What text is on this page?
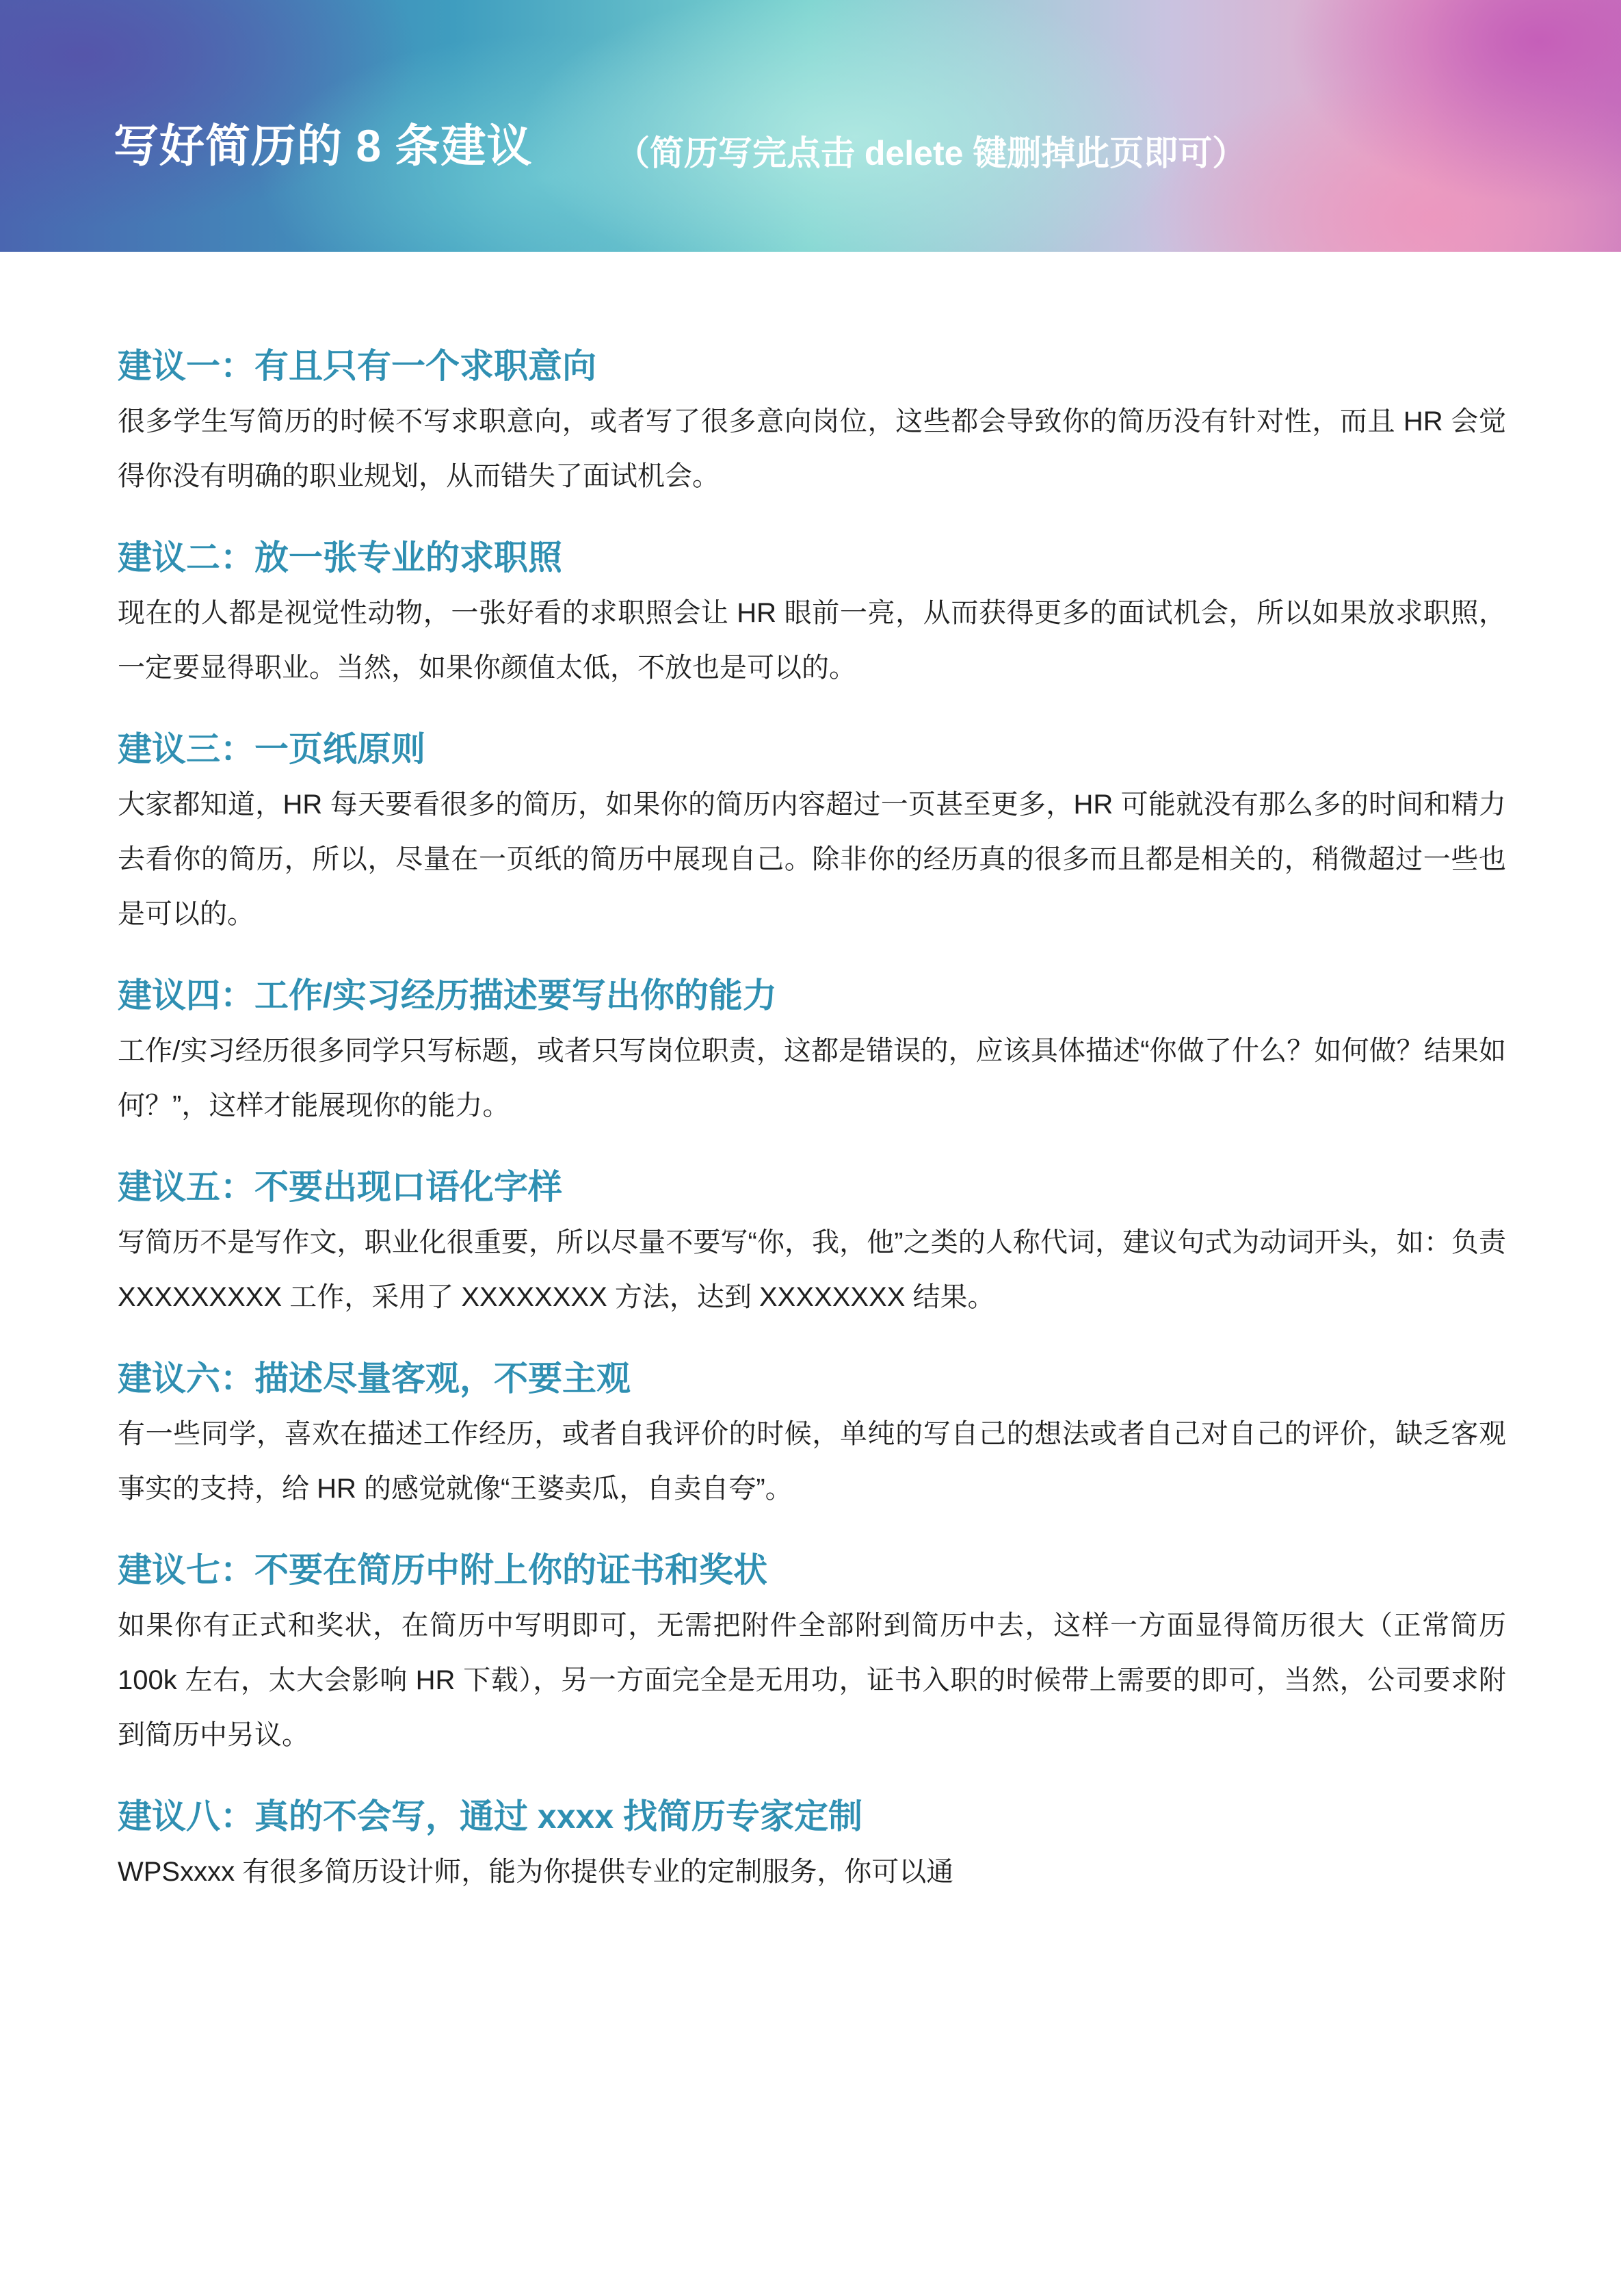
写好简历的 8 条建议 （简历写完点击 delete 键删掉此页即可）
建议一：有且只有一个求职意向

很多学生写简历的时候不写求职意向，或者写了很多意向岗位，这些都会导致你的简历没有针对性，而且 HR 会觉得你没有明确的职业规划，从而错失了面试机会。

建议二：放一张专业的求职照

现在的人都是视觉性动物，一张好看的求职照会让 HR 眼前一亮，从而获得更多的面试机会，所以如果放求职照，一定要显得职业。当然，如果你颜值太低，不放也是可以的。

建议三：一页纸原则

大家都知道，HR 每天要看很多的简历，如果你的简历内容超过一页甚至更多，HR 可能就没有那么多的时间和精力去看你的简历，所以，尽量在一页纸的简历中展现自己。除非你的经历真的很多而且都是相关的，稍微超过一些也是可以的。

建议四：工作/实习经历描述要写出你的能力

工作/实习经历很多同学只写标题，或者只写岗位职责，这都是错误的，应该具体描述“你做了什么？如何做？结果如何？”，这样才能展现你的能力。

建议五：不要出现口语化字样

写简历不是写作文，职业化很重要，所以尽量不要写“你，我，他”之类的人称代词，建议句式为动词开头，如：负责 XXXXXXXXX 工作，采用了 XXXXXXXX 方法，达到 XXXXXXXX 结果。

建议六：描述尽量客观，不要主观

有一些同学，喜欢在描述工作经历，或者自我评价的时候，单纯的写自己的想法或者自己对自己的评价，缺乏客观事实的支持，给 HR 的感觉就像“王婆卖瓜，自卖自夸”。

建议七：不要在简历中附上你的证书和奖状

如果你有正式和奖状，在简历中写明即可，无需把附件全部附到简历中去，这样一方面显得简历很大（正常简历 100k 左右，太大会影响 HR 下载），另一方面完全是无用功，证书入职的时候带上需要的即可，当然，公司要求附到简历中另议。

建议八：真的不会写，通过 xxxx 找简历专家定制

WPSxxxx 有很多简历设计师，能为你提供专业的定制服务，你可以通
